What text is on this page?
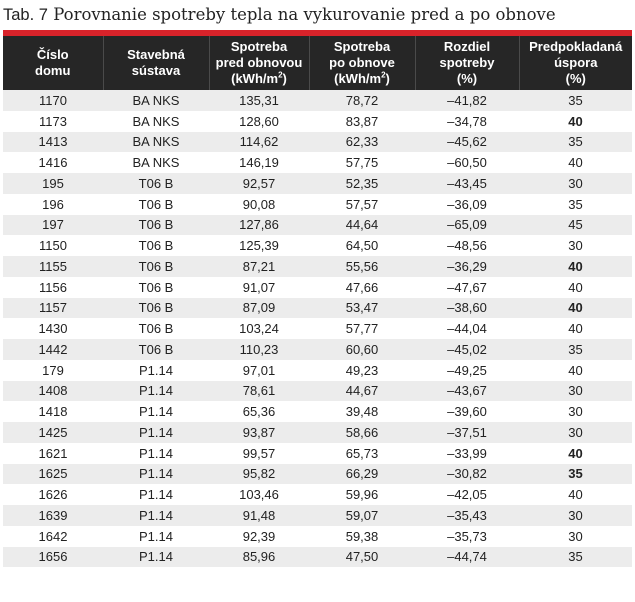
Tab. 7 Porovnanie spotreby tepla na vykurovanie pred a po obnove
Číslo
domu	Stavebná
sústava	Spotreba
pred obnovou
$(kWh/m^2)$	Spotreba
po obnove
$(kWh/m^2)$	Rozdiel
spotreby
(%)	Predpokladaná
úspora
(%)

1170	BA NKS	135,31	78,72	–41,82	35
1173	BA NKS	128,60	83,87	–34,78	40
1413	BA NKS	114,62	62,33	–45,62	35
1416	BA NKS	146,19	57,75	–60,50	40
195	T06 B	92,57	52,35	–43,45	30
196	T06 B	90,08	57,57	–36,09	35
197	T06 B	127,86	44,64	–65,09	45
1150	T06 B	125,39	64,50	–48,56	30
1155	T06 B	87,21	55,56	–36,29	40
1156	T06 B	91,07	47,66	–47,67	40
1157	T06 B	87,09	53,47	–38,60	40
1430	T06 B	103,24	57,77	–44,04	40
1442	T06 B	110,23	60,60	–45,02	35
179	P1.14	97,01	49,23	–49,25	40
1408	P1.14	78,61	44,67	–43,67	30
1418	P1.14	65,36	39,48	–39,60	30
1425	P1.14	93,87	58,66	–37,51	30
1621	P1.14	99,57	65,73	–33,99	40
1625	P1.14	95,82	66,29	–30,82	35
1626	P1.14	103,46	59,96	–42,05	40
1639	P1.14	91,48	59,07	–35,43	30
1642	P1.14	92,39	59,38	–35,73	30
1656	P1.14	85,96	47,50	–44,74	35
